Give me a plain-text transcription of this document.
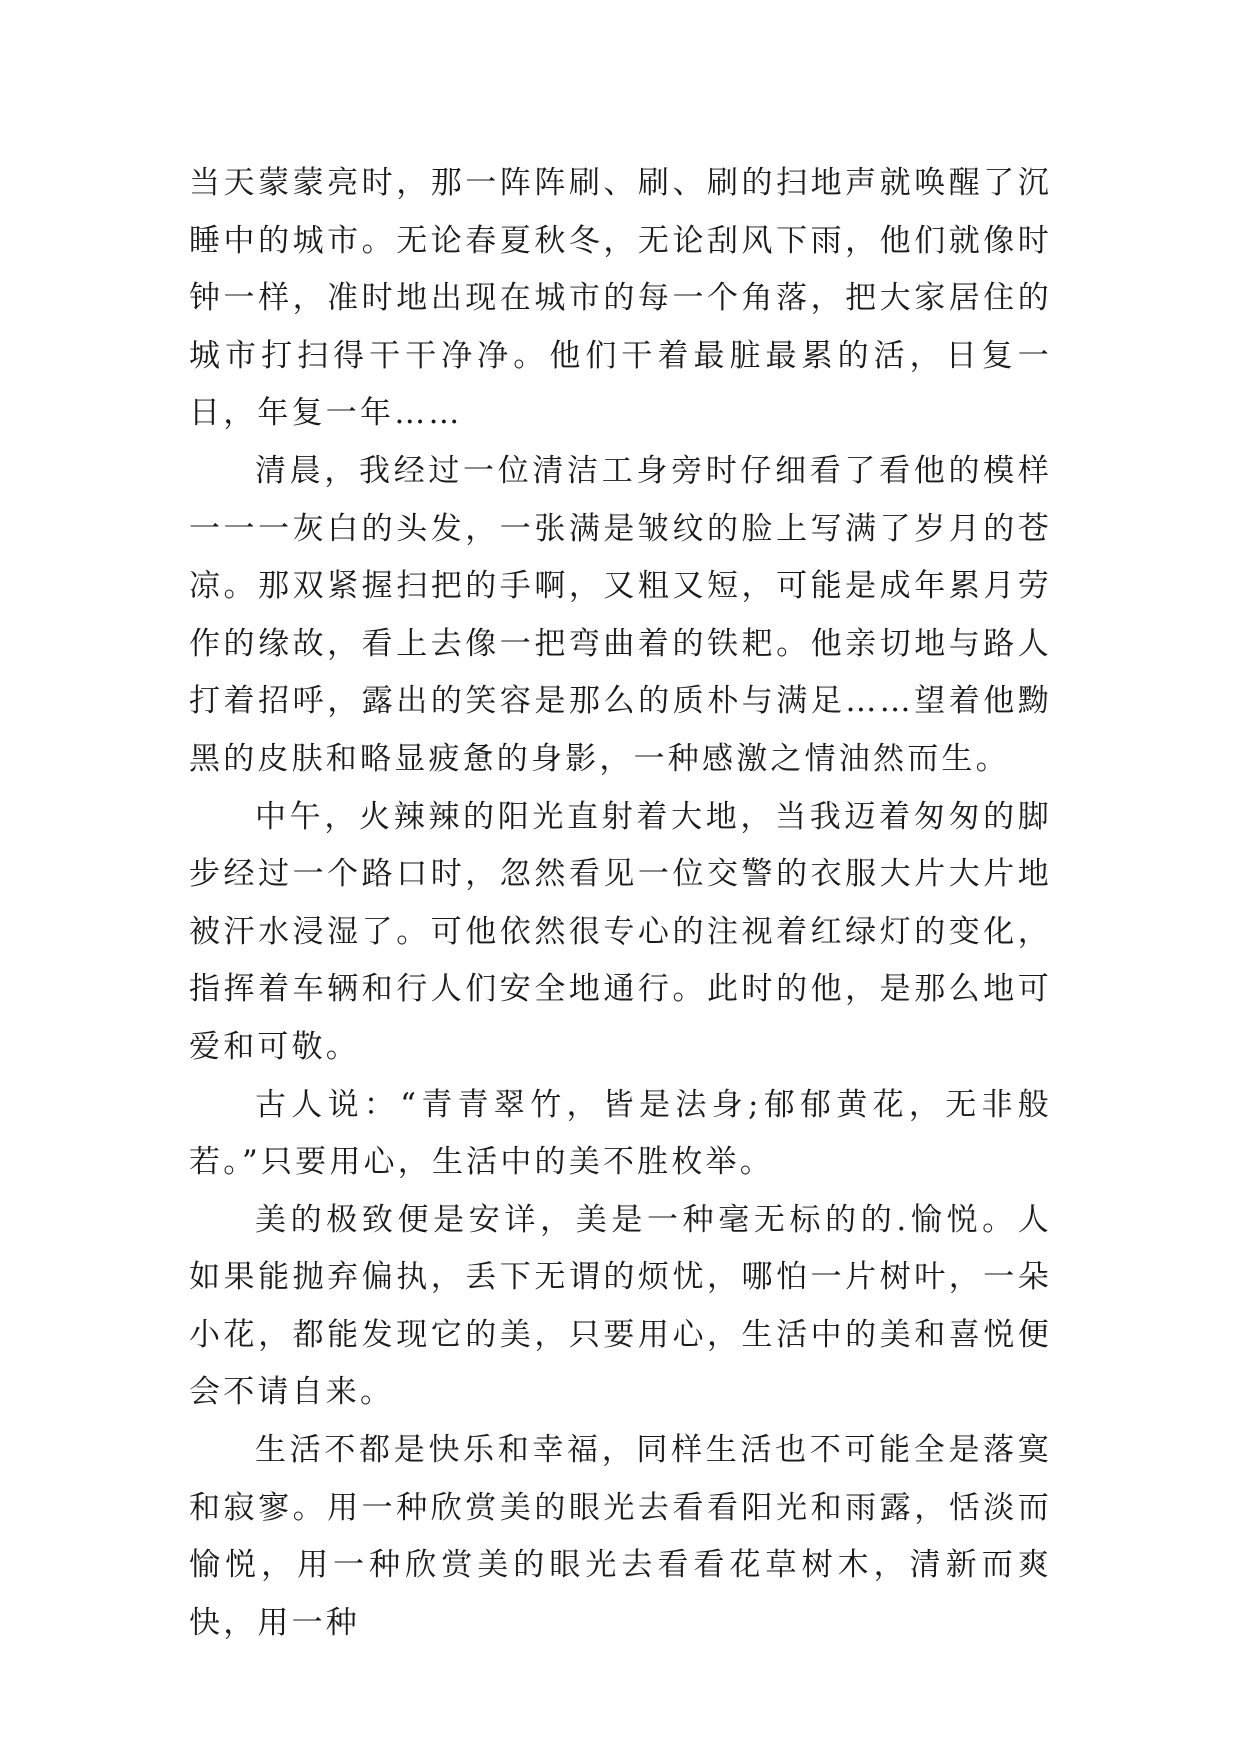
当天蒙蒙亮时，那一阵阵刷、刷、刷的扫地声就唤醒了沉睡中的城市。无论春夏秋冬，无论刮风下雨，他们就像时钟一样，准时地出现在城市的每一个角落，把大家居住的城市打扫得干干净净。他们干着最脏最累的活，日复一日，年复一年……

清晨，我经过一位清洁工身旁时仔细看了看他的模样一一一灰白的头发，一张满是皱纹的脸上写满了岁月的苍凉。那双紧握扫把的手啊，又粗又短，可能是成年累月劳作的缘故，看上去像一把弯曲着的铁耙。他亲切地与路人打着招呼，露出的笑容是那么的质朴与满足……望着他黝黑的皮肤和略显疲惫的身影，一种感激之情油然而生。

中午，火辣辣的阳光直射着大地，当我迈着匆匆的脚步经过一个路口时，忽然看见一位交警的衣服大片大片地被汗水浸湿了。可他依然很专心的注视着红绿灯的变化，指挥着车辆和行人们安全地通行。此时的他，是那么地可爱和可敬。

古人说：“青青翠竹，皆是法身;郁郁黄花，无非般若。”只要用心，生活中的美不胜枚举。

美的极致便是安详，美是一种毫无标的的.愉悦。人如果能抛弃偏执，丢下无谓的烦忧，哪怕一片树叶，一朵小花，都能发现它的美，只要用心，生活中的美和喜悦便会不请自来。

生活不都是快乐和幸福，同样生活也不可能全是落寞和寂寥。用一种欣赏美的眼光去看看阳光和雨露，恬淡而愉悦，用一种欣赏美的眼光去看看花草树木，清新而爽快，用一种
